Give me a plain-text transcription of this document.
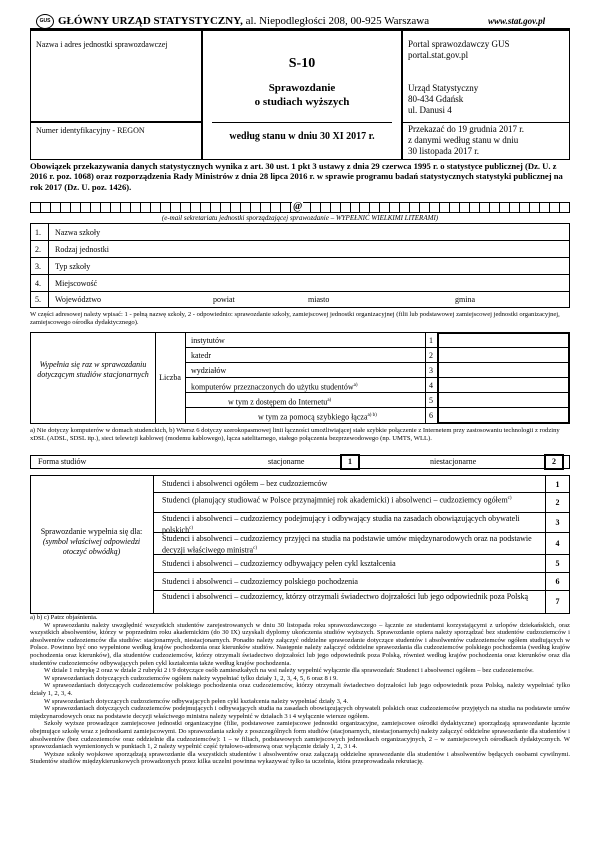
GUS GŁÓWNY URZĄD STATYSTYCZNY, al. Niepodległości 208, 00-925 Warszawa	www.stat.gov.pl
Nazwa i adres jednostki sprawozdawczej
Numer identyfikacyjny - REGON
S-10
Sprawozdanie
o studiach wyższych
według stanu w dniu 30 XI 2017 r.
Portal sprawozdawczy GUS
portal.stat.gov.pl
Urząd Statystyczny
80-434 Gdańsk
ul. Danusi 4
Przekazać do 19 grudnia 2017 r.
z danymi według stanu w dniu
30 listopada 2017 r.
Obowiązek przekazywania danych statystycznych wynika z art. 30 ust. 1 pkt 3 ustawy z dnia 29 czerwca 1995 r. o statystyce publicznej (Dz. U. z 2016 r. poz. 1068) oraz rozporządzenia Rady Ministrów z dnia 28 lipca 2016 r. w sprawie programu badań statystycznych statystyki publicznej na rok 2017 (Dz. U. poz. 1426).
@
(e-mail sekretariatu jednostki sporządzającej sprawozdanie – WYPEŁNIĆ WIELKIMI LITERAMI)
1. Nazwa szkoły
2. Rodzaj jednostki
3. Typ szkoły
4. Miejscowość
5. Województwo	powiat	miasto	gmina
W części adresowej należy wpisać: 1 - pełną nazwę szkoły, 2 - odpowiednio: sprawozdanie szkoły, zamiejscowej jednostki organizacyjnej (filii lub podstawowej zamiejscowej jednostki organizacyjnej, zamiejscowego ośrodka dydaktycznego).
Wypełnia się raz w sprawozdaniu dotyczącym studiów stacjonarnych	Liczba
instytutów	1
katedr	2
wydziałów	3
komputerów przeznaczonych do użytku studentów$^{a)}$	4
w tym z dostępem do Internetu$^{a)}$	5
w tym za pomocą szybkiego łącza$^{a) b)}$	6
a) Nie dotyczy komputerów w domach studenckich, b) Wiersz 6 dotyczy szerokopasmowej linii łączności umożliwiającej stałe szybkie połączenie z Internetem przy zastosowaniu technologii z rodziny xDSL (ADSL, SDSL itp.), sieci telewizji kablowej (modemu kablowego), łącza satelitarnego, stałego połączenia bezprzewodowego (np. UMTS, WLL).
Forma studiów	stacjonarne	1	niestacjonarne	2
Sprawozdanie wypełnia się dla:
(symbol właściwej odpowiedzi otoczyć obwódką)
Studenci i absolwenci ogółem – bez cudzoziemców	1
Studenci (planujący studiować w Polsce przynajmniej rok akademicki) i absolwenci – cudzoziemcy ogółem$^{c)}$	2
Studenci i absolwenci – cudzoziemcy podejmujący i odbywający studia na zasadach obowiązujących obywateli polskich$^{c)}$
3
Studenci i absolwenci – cudzoziemcy przyjęci na studia na podstawie umów międzynarodowych oraz na podstawie decyzji właściwego ministra$^{c)}$	4
Studenci i absolwenci – cudzoziemcy odbywający pełen cykl kształcenia	5
Studenci i absolwenci – cudzoziemcy polskiego pochodzenia	6
Studenci i absolwenci – cudzoziemcy, którzy otrzymali świadectwo dojrzałości lub jego odpowiednik poza Polską
7
a) b) c) Patrz objaśnienia.
W sprawozdaniu należy uwzględnić wszystkich studentów zarejestrowanych w dniu 30 listopada roku sprawozdawczego – łącznie ze studentami korzystającymi z urlopów dziekańskich, oraz wszystkich absolwentów, którzy w poprzednim roku akademickim (do 30 IX) uzyskali dyplomy ukończenia studiów wyższych. Sprawozdanie opiera należy sporządzać bez studentów cudzoziemców i absolwentów cudzoziemców dla studiów: stacjonarnych, niestacjonarnych. Ponadto należy załączyć oddzielne sprawozdanie dotyczące studentów i absolwentów cudzoziemców ogółem studiujących w Polsce. Powinno być ono wypełnione według krajów pochodzenia oraz kierunków studiów. Następnie należy załączyć oddzielne sprawozdania dla cudzoziemców polskiego pochodzenia (według krajów pochodzenia oraz kierunków), dla studentów cudzoziemców, którzy otrzymali świadectwo dojrzałości lub jego odpowiednik poza Polską, również według krajów pochodzenia oraz kierunków oraz dla studentów cudzoziemców odbywających pełen cykl kształcenia także według krajów pochodzenia.
W dziale 1 rubrykę 2 oraz w dziale 2 rubryki 2 i 9 dotyczące osób zamieszkałych na wsi należy wypełnić wyłącznie dla sprawozdań: Studenci i absolwenci ogółem – bez cudzoziemców.
W sprawozdaniach dotyczących cudzoziemców ogółem należy wypełniać tylko działy 1, 2, 3, 4, 5, 6 oraz 8 i 9.
W sprawozdaniach dotyczących cudzoziemców polskiego pochodzenia oraz cudzoziemców, którzy otrzymali świadectwo dojrzałości lub jego odpowiednik poza Polską, należy wypełniać tylko działy 1, 2, 3, 4.
W sprawozdaniach dotyczących cudzoziemców odbywających pełen cykl kształcenia należy wypełniać działy 3, 4.
W sprawozdaniach dotyczących cudzoziemców podejmujących i odbywających studia na zasadach obowiązujących obywateli polskich oraz cudzoziemców przyjętych na studia na podstawie umów międzynarodowych oraz na podstawie decyzji właściwego ministra należy wypełnić w działach 3 i 4 wyłącznie wiersze ogółem.
Szkoły wyższe prowadzące zamiejscowe jednostki organizacyjne (filie, podstawowe zamiejscowe jednostki organizacyjne, zamiejscowe ośrodki dydaktyczne) sporządzają sprawozdanie łącznie obejmujące szkołę wraz z jednostkami zamiejscowymi. Do sprawozdania szkoły z poszczególnych form studiów (stacjonarnych, niestacjonarnych) należy załączyć oddzielne sprawozdanie dla studentów i absolwentów (bez cudzoziemców oraz oddzielnie dla cudzoziemców): 1 – w filiach, podstawowych zamiejscowych jednostkach organizacyjnych, 2 – w zamiejscowych ośrodkach dydaktycznych. W sprawozdaniach wymienionych w punktach 1, 2 należy wypełnić część tytułowo-adresową oraz wyłącznie działy 1, 2, 3 i 4.
Wyższe szkoły wojskowe sporządzają sprawozdanie dla wszystkich studentów i absolwentów oraz załączają oddzielne sprawozdanie dla studentów i absolwentów będących osobami cywilnymi. Studentów studiów międzykierunkowych prowadzonych przez kilka uczelni powinna wykazywać tylko ta uczelnia, która przeprowadzała rekrutację.
